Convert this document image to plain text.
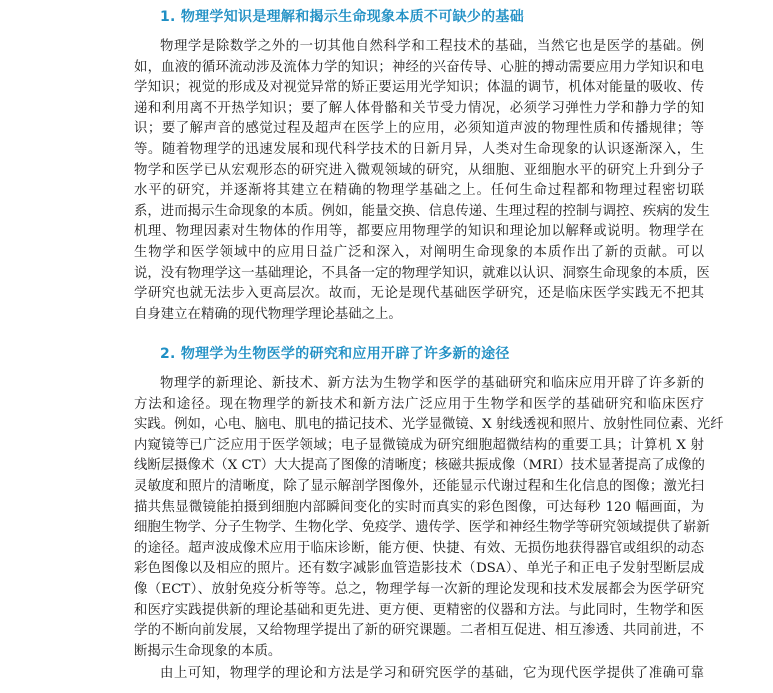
1. 物理学知识是理解和揭示生命现象本质不可缺少的基础
物理学是除数学之外的一切其他自然科学和工程技术的基础，当然它也是医学的基础。例
如，血液的循环流动涉及流体力学的知识；神经的兴奋传导、心脏的搏动需要应用力学知识和电
学知识；视觉的形成及对视觉异常的矫正要运用光学知识；体温的调节，机体对能量的吸收、传
递和利用离不开热学知识；要了解人体骨骼和关节受力情况，必须学习弹性力学和静力学的知
识；要了解声音的感觉过程及超声在医学上的应用，必须知道声波的物理性质和传播规律；等
等。随着物理学的迅速发展和现代科学技术的日新月异，人类对生命现象的认识逐渐深入，生
物学和医学已从宏观形态的研究进入微观领域的研究，从细胞、亚细胞水平的研究上升到分子
水平的研究，并逐渐将其建立在精确的物理学基础之上。任何生命过程都和物理过程密切联
系，进而揭示生命现象的本质。例如，能量交换、信息传递、生理过程的控制与调控、疾病的发生
机理、物理因素对生物体的作用等，都要应用物理学的知识和理论加以解释或说明。物理学在
生物学和医学领域中的应用日益广泛和深入，对阐明生命现象的本质作出了新的贡献。可以
说，没有物理学这一基础理论，不具备一定的物理学知识，就难以认识、洞察生命现象的本质，医
学研究也就无法步入更高层次。故而，无论是现代基础医学研究，还是临床医学实践无不把其
自身建立在精确的现代物理学理论基础之上。
2. 物理学为生物医学的研究和应用开辟了许多新的途径
物理学的新理论、新技术、新方法为生物学和医学的基础研究和临床应用开辟了许多新的
方法和途径。现在物理学的新技术和新方法广泛应用于生物学和医学的基础研究和临床医疗
实践。例如，心电、脑电、肌电的描记技术、光学显微镜、X 射线透视和照片、放射性同位素、光纤
内窥镜等已广泛应用于医学领域；电子显微镜成为研究细胞超微结构的重要工具；计算机 X 射
线断层摄像术（X CT）大大提高了图像的清晰度；核磁共振成像（MRI）技术显著提高了成像的
灵敏度和照片的清晰度，除了显示解剖学图像外，还能显示代谢过程和生化信息的图像；激光扫
描共焦显微镜能拍摄到细胞内部瞬间变化的实时而真实的彩色图像，可达每秒 120 幅画面，为
细胞生物学、分子生物学、生物化学、免疫学、遗传学、医学和神经生物学等研究领域提供了崭新
的途径。超声波成像术应用于临床诊断，能方便、快捷、有效、无损伤地获得器官或组织的动态
彩色图像以及相应的照片。还有数字减影血管造影技术（DSA）、单光子和正电子发射型断层成
像（ECT）、放射免疫分析等等。总之，物理学每一次新的理论发现和技术发展都会为医学研究
和医疗实践提供新的理论基础和更先进、更方便、更精密的仪器和方法。与此同时，生物学和医
学的不断向前发展，又给物理学提出了新的研究课题。二者相互促进、相互渗透、共同前进，不
断揭示生命现象的本质。
由上可知，物理学的理论和方法是学习和研究医学的基础，它为现代医学提供了准确可靠
